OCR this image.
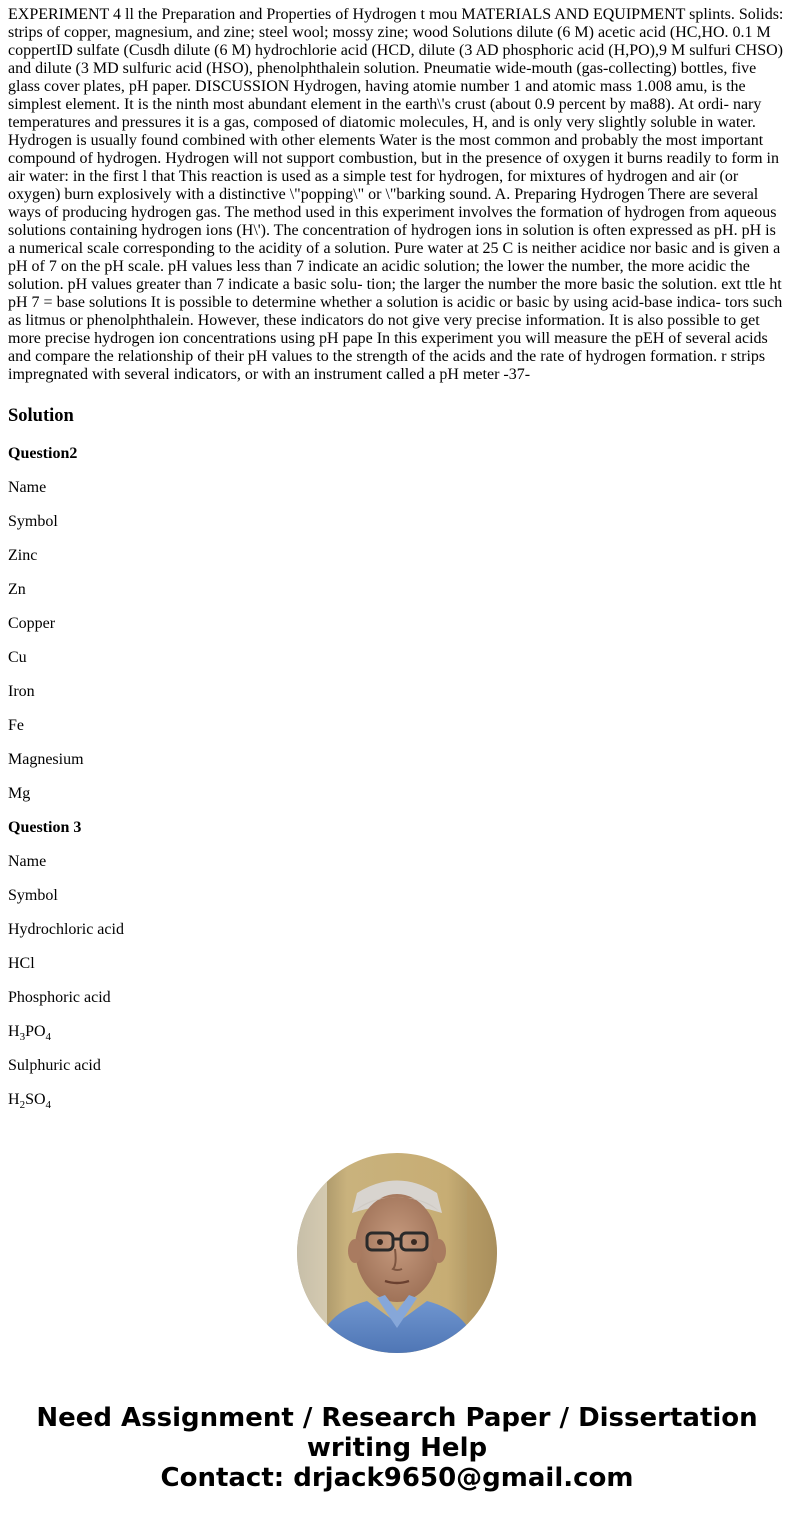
EXPERIMENT 4 ll the Preparation and Properties of Hydrogen t mou MATERIALS AND EQUIPMENT splints. Solids: strips of copper, magnesium, and zine; steel wool; mossy zine; wood Solutions dilute (6 M) acetic acid (HC,HO. 0.1 M coppertID sulfate (Cusdh dilute (6 M) hydrochlorie acid (HCD, dilute (3 AD phosphoric acid (H,PO),9 M sulfuri CHSO) and dilute (3 MD sulfuric acid (HSO), phenolphthalein solution. Pneumatie wide-mouth (gas-collecting) bottles, five glass cover plates, pH paper. DISCUSSION Hydrogen, having atomie number 1 and atomic mass 1.008 amu, is the simplest element. It is the ninth most abundant element in the earth\'s crust (about 0.9 percent by ma88). At ordi- nary temperatures and pressures it is a gas, composed of diatomic molecules, H, and is only very slightly soluble in water. Hydrogen is usually found combined with other elements Water is the most common and probably the most important compound of hydrogen. Hydrogen will not support combustion, but in the presence of oxygen it burns readily to form in air water: in the first l that This reaction is used as a simple test for hydrogen, for mixtures of hydrogen and air (or oxygen) burn explosively with a distinctive \"popping\" or \"barking sound. A. Preparing Hydrogen There are several ways of producing hydrogen gas. The method used in this experiment involves the formation of hydrogen from aqueous solutions containing hydrogen ions (H\'). The concentration of hydrogen ions in solution is often expressed as pH. pH is a numerical scale corresponding to the acidity of a solution. Pure water at 25 C is neither acidice nor basic and is given a pH of 7 on the pH scale. pH values less than 7 indicate an acidic solution; the lower the number, the more acidic the solution. pH values greater than 7 indicate a basic solu- tion; the larger the number the more basic the solution. ext ttle ht pH 7 = base solutions It is possible to determine whether a solution is acidic or basic by using acid-base indica- tors such as litmus or phenolphthalein. However, these indicators do not give very precise information. It is also possible to get more precise hydrogen ion concentrations using pH pape In this experiment you will measure the pEH of several acids and compare the relationship of their pH values to the strength of the acids and the rate of hydrogen formation. r strips impregnated with several indicators, or with an instrument called a pH meter -37-

Solution
Question2
Name
Symbol
Zinc
Zn
Copper
Cu
Iron
Fe
Magnesium
Mg
Question 3
Name
Symbol
Hydrochloric acid
HCl
Phosphoric acid
$H_3PO_4$
Sulphuric acid
$H_2SO_4$
Need Assignment / Research Paper / Dissertation
writing Help
Contact: drjack9650@gmail.com
